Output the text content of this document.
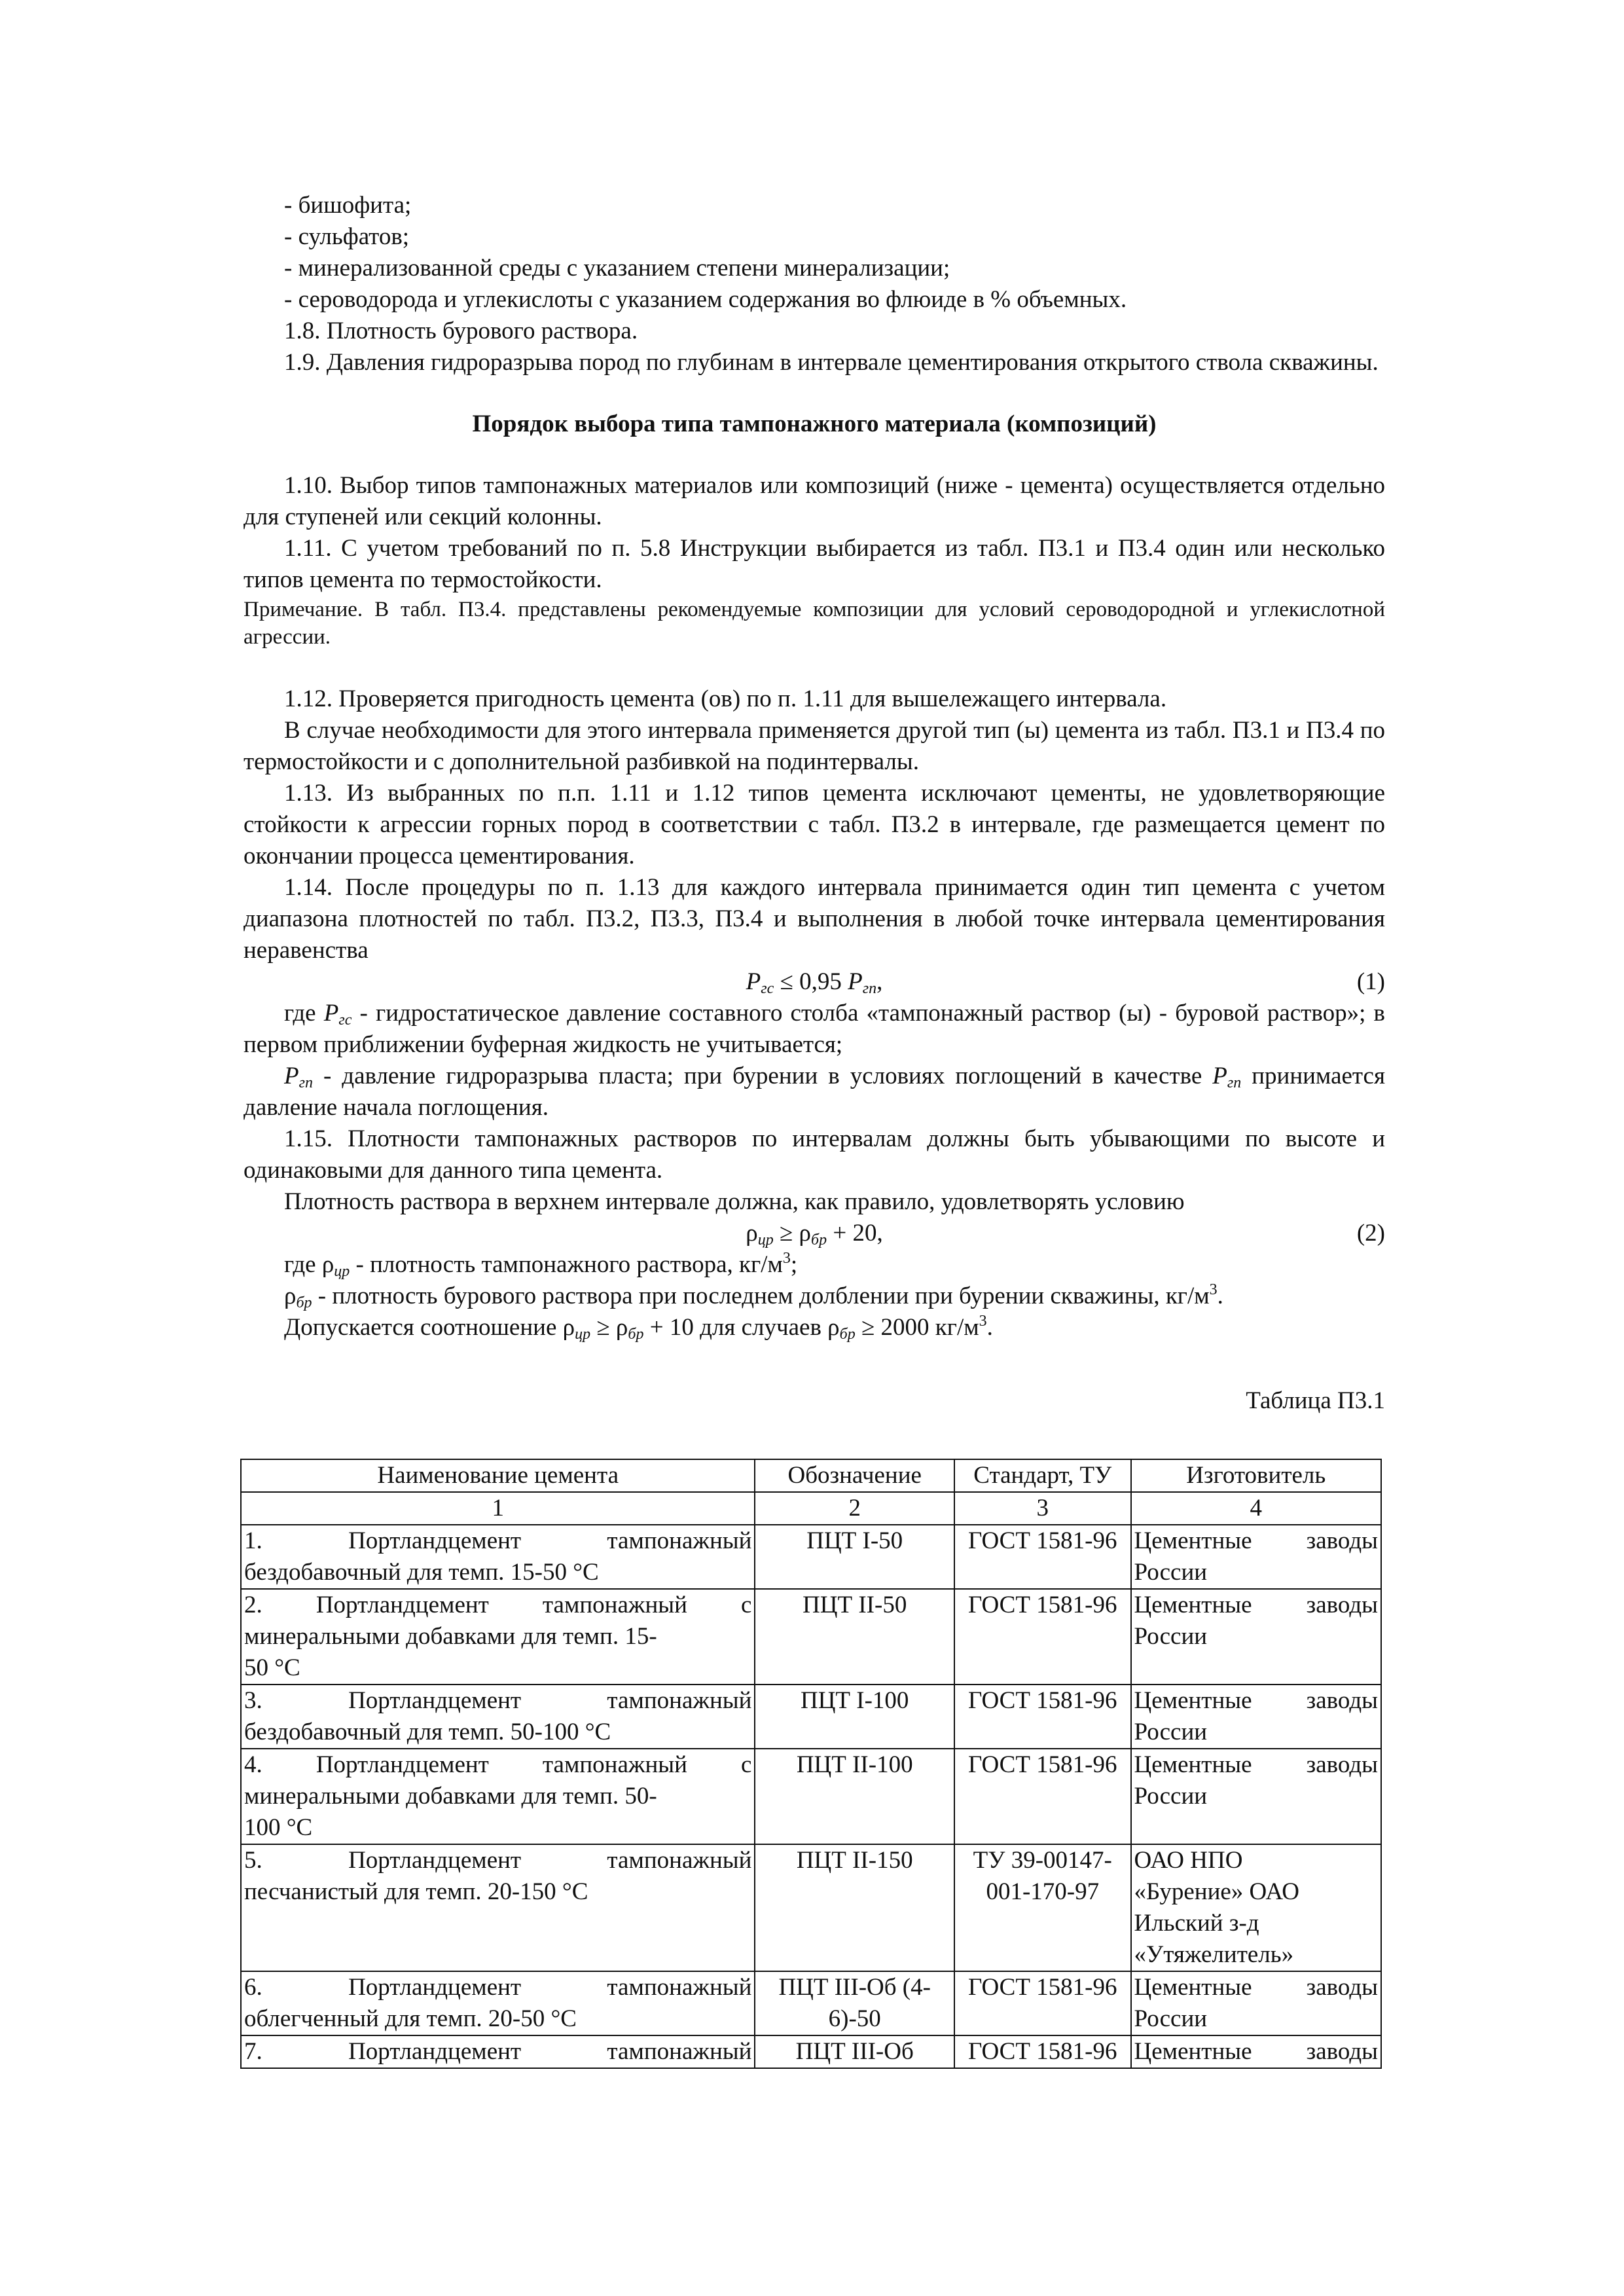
- бишофита;

- сульфатов;

- минерализованной среды с указанием степени минерализации;

- сероводорода и углекислоты с указанием содержания во флюиде в % объемных.

1.8. Плотность бурового раствора.

1.9. Давления гидроразрыва пород по глубинам в интервале цементирования открытого ствола скважины.

Порядок выбора типа тампонажного материала (композиций)

1.10. Выбор типов тампонажных материалов или композиций (ниже - цемента) осуществляется отдельно для ступеней или секций колонны.

1.11. С учетом требований по п. 5.8 Инструкции выбирается из табл. П3.1 и П3.4 один или несколько типов цемента по термостойкости.

Примечание. В табл. П3.4. представлены рекомендуемые композиции для условий сероводородной и углекислотной агрессии.

1.12. Проверяется пригодность цемента (ов) по п. 1.11 для вышележащего интервала.

В случае необходимости для этого интервала применяется другой тип (ы) цемента из табл. П3.1 и П3.4 по термостойкости и с дополнительной разбивкой на подинтервалы.

1.13. Из выбранных по п.п. 1.11 и 1.12 типов цемента исключают цементы, не удовлетворяющие стойкости к агрессии горных пород в соответствии с табл. П3.2 в интервале, где размещается цемент по окончании процесса цементирования.

1.14. После процедуры по п. 1.13 для каждого интервала принимается один тип цемента с учетом диапазона плотностей по табл. П3.2, П3.3, П3.4 и выполнения в любой точке интервала цементирования неравенства

$P_{гс} \le 0,95$ $P_{гп}$,	(1)

где $P_{гс}$ - гидростатическое давление составного столба «тампонажный раствор (ы) - буровой раствор»; в первом приближении буферная жидкость не учитывается;

$P_{гп}$ - давление гидроразрыва пласта; при бурении в условиях поглощений в качестве $P_{гп}$ принимается давление начала поглощения.

1.15. Плотности тампонажных растворов по интервалам должны быть убывающими по высоте и одинаковыми для данного типа цемента.

Плотность раствора в верхнем интервале должна, как правило, удовлетворять условию

$\rho_{цр} \ge \rho_{бр} + 20$,	(2)

где $\rho_{цр}$ - плотность тампонажного раствора, $кг/м^3$;

$\rho_{бр}$ - плотность бурового раствора при последнем долблении при бурении скважины, $кг/м^3$.

Допускается соотношение $\rho_{цр} \ge \rho_{бр} + 10$ для случаев $\rho_{бр} \ge 2000$ $кг/м^3$.

Таблица П3.1

Наименование цемента	Обозначение	Стандарт, ТУ	Изготовитель
1	2	3	4

1. Портландцемент тампонажный
бездобавочный для темп. 15-50 °С	ПЦТ I-50	ГОСТ 1581-96	Цементные заводы
России

2. Портландцемент тампонажный с
минеральными добавками для темп. 15-50 °С	ПЦТ II-50	ГОСТ 1581-96	Цементные заводы
России

3. Портландцемент тампонажный
бездобавочный для темп. 50-100 °С	ПЦТ I-100	ГОСТ 1581-96	Цементные заводы
России

4. Портландцемент тампонажный с
минеральными добавками для темп. 50-100 °С	ПЦТ II-100	ГОСТ 1581-96	Цементные заводы
России

5. Портландцемент тампонажный
песчанистый для темп. 20-150 °С	ПЦТ II-150	ТУ 39-00147-001-170-97	ОАО НПО
«Бурение» ОАО Ильский з-д «Утяжелитель»

6. Портландцемент тампонажный
облегченный для темп. 20-50 °С	ПЦТ III-Об (4-6)-50	ГОСТ 1581-96	Цементные заводы
России

7. Портландцемент тампонажный	ПЦТ III-Об	ГОСТ 1581-96	Цементные заводы
